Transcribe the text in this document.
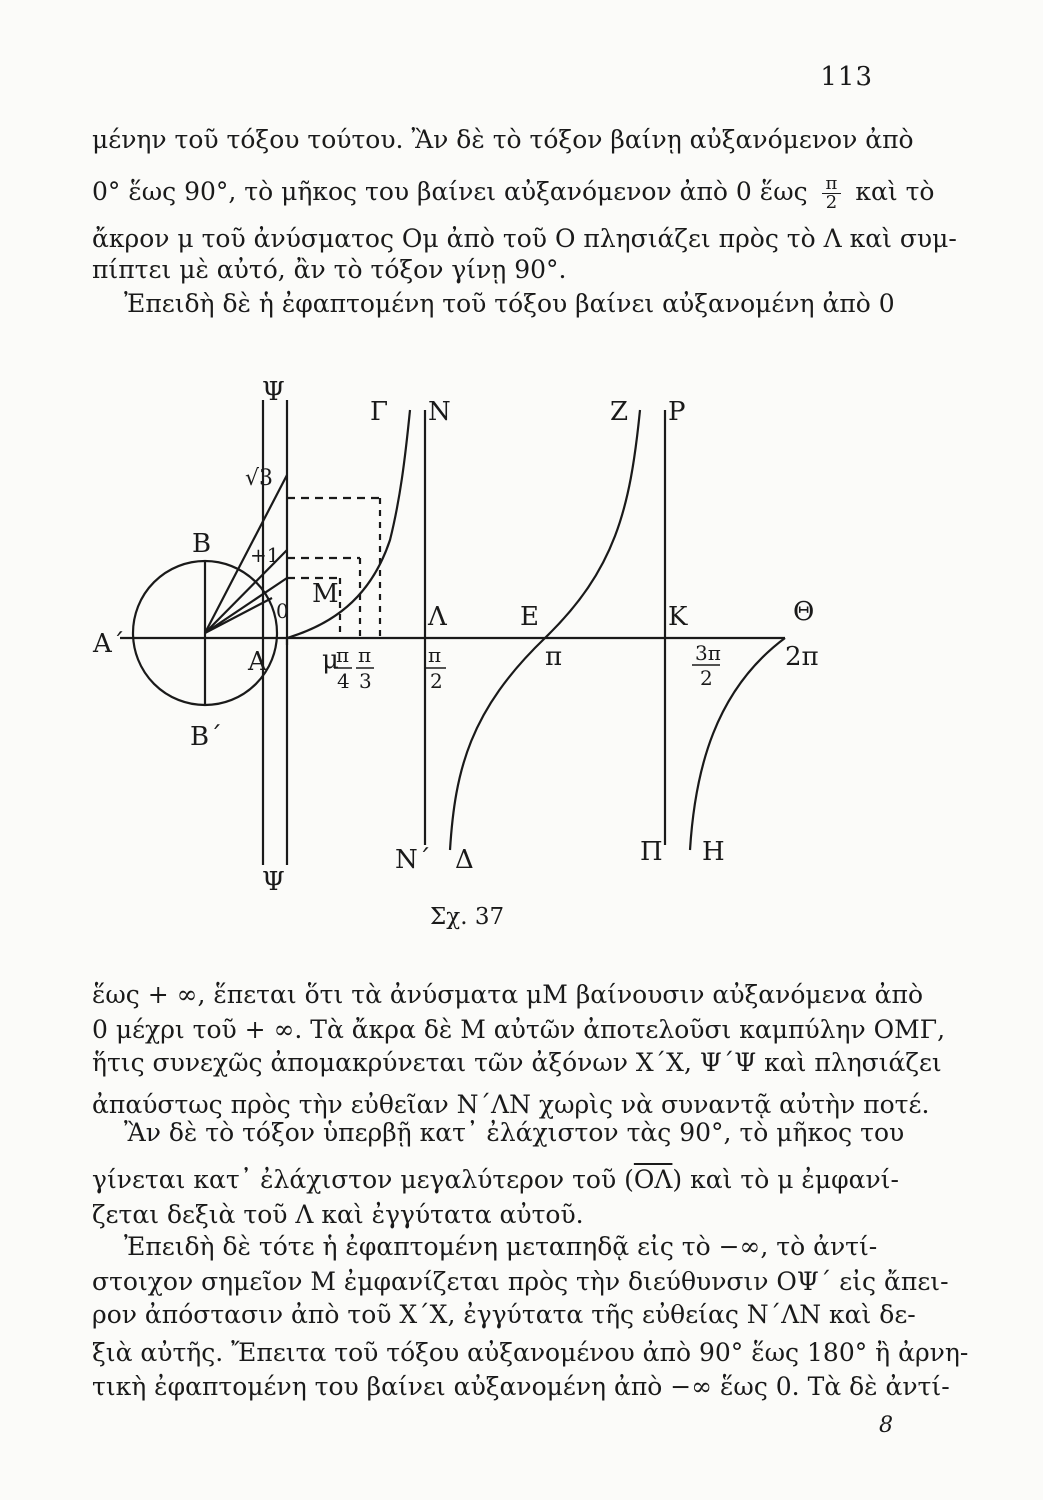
113
μένην τοῦ τόξου τούτου. Ἂν δὲ τὸ τόξον βαίνῃ αὐξανόμενον ἀπὸ
0° ἕως 90°, τὸ μῆκος του βαίνει αὐξανόμενον ἀπὸ 0 ἕως $\frac{\pi}{2}$ καὶ τὸ
ἄκρον μ τοῦ ἀνύσματος Ομ ἀπὸ τοῦ Ο πλησιάζει πρὸς τὸ Λ καὶ συμ-
πίπτει μὲ αὐτό, ἂν τὸ τόξον γίνῃ 90°.
Ἐπειδὴ δὲ ἡ ἐφαπτομένη τοῦ τόξου βαίνει αὐξανομένη ἀπὸ 0
Ψ
Ψ
Γ Ν	Ζ Ρ
√3
Β +1
Μ
0
Α΄
Α
Β΄
μ
π
4
π
3
Λ
π
2
Ε
π
Κ
3π
2
Θ
2π
Ν΄ Δ	Π Η
Σχ. 37
ἕως + ∞, ἕπεται ὅτι τὰ ἀνύσματα μΜ βαίνουσιν αὐξανόμενα ἀπὸ
0 μέχρι τοῦ + ∞. Τὰ ἄκρα δὲ Μ αὐτῶν ἀποτελοῦσι καμπύλην ΟΜΓ,
ἥτις συνεχῶς ἀπομακρύνεται τῶν ἀξόνων Χ΄Χ, Ψ΄Ψ καὶ πλησιάζει
ἀπαύστως πρὸς τὴν εὐθεῖαν Ν΄ΛΝ χωρὶς νὰ συναντᾷ αὐτὴν ποτέ.
Ἂν δὲ τὸ τόξον ὑπερβῇ κατ᾽ ἐλάχιστον τὰς 90°, τὸ μῆκος του
γίνεται κατ᾽ ἐλάχιστον μεγαλύτερον τοῦ $(\overline{O\Lambda})$ καὶ τὸ μ ἐμφανί-
ζεται δεξιὰ τοῦ Λ καὶ ἐγγύτατα αὐτοῦ.
Ἐπειδὴ δὲ τότε ἡ ἐφαπτομένη μεταπηδᾷ εἰς τὸ −∞, τὸ ἀντί-
στοιχον σημεῖον Μ ἐμφανίζεται πρὸς τὴν διεύθυνσιν ΟΨ΄ εἰς ἄπει-
ρον ἀπόστασιν ἀπὸ τοῦ Χ΄Χ, ἐγγύτατα τῆς εὐθείας Ν΄ΛΝ καὶ δε-
ξιὰ αὐτῆς. Ἔπειτα τοῦ τόξου αὐξανομένου ἀπὸ 90° ἕως 180° ἢ ἀρνη-
τικὴ ἐφαπτομένη του βαίνει αὐξανομένη ἀπὸ −∞ ἕως 0. Τὰ δὲ ἀντί-
8
